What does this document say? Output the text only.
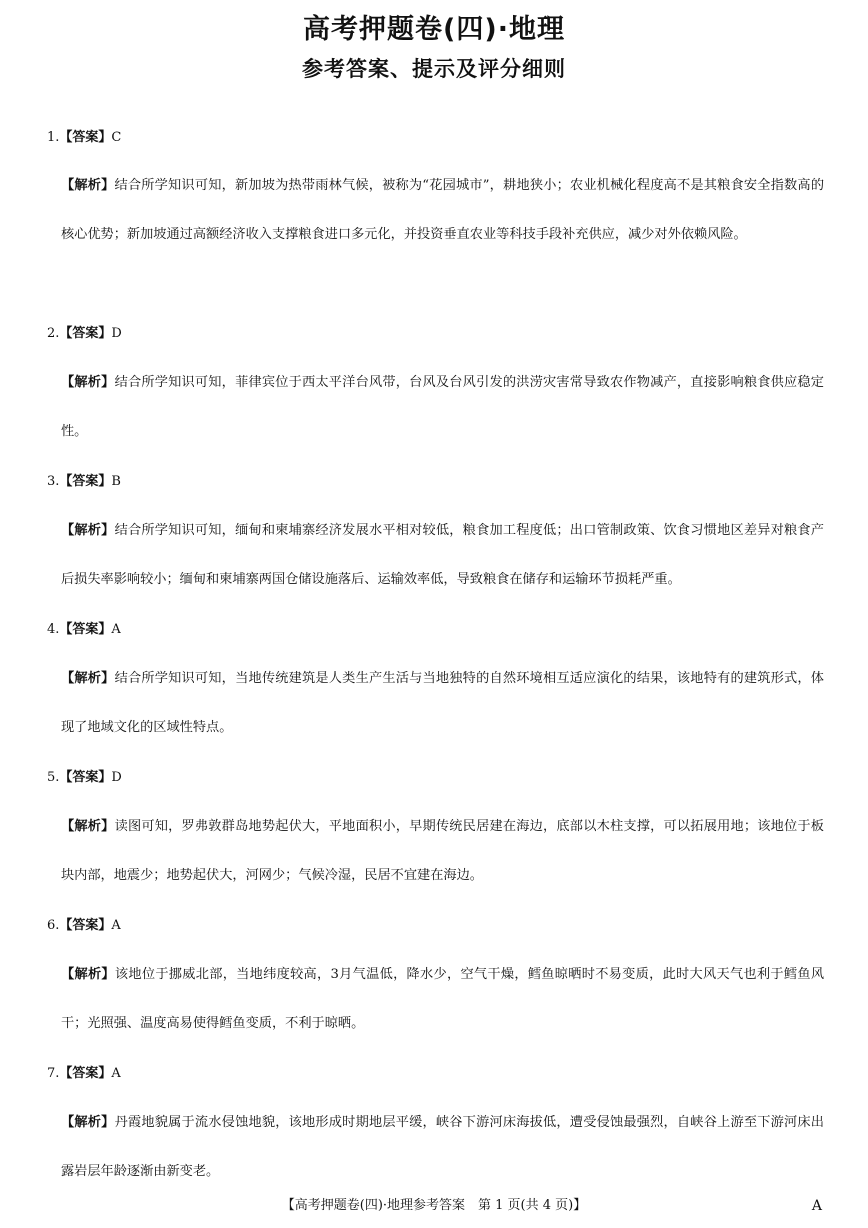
高考押题卷(四)·地理
参考答案、提示及评分细则
1.【答案】C
【解析】结合所学知识可知，新加坡为热带雨林气候，被称为“花园城市”，耕地狭小；农业机械化程度高不是其粮食安全指数高的核心优势；新加坡通过高额经济收入支撑粮食进口多元化，并投资垂直农业等科技手段补充供应，减少对外依赖风险。
2.【答案】D
【解析】结合所学知识可知，菲律宾位于西太平洋台风带，台风及台风引发的洪涝灾害常导致农作物减产，直接影响粮食供应稳定性。
3.【答案】B
【解析】结合所学知识可知，缅甸和柬埔寨经济发展水平相对较低，粮食加工程度低；出口管制政策、饮食习惯地区差异对粮食产后损失率影响较小；缅甸和柬埔寨两国仓储设施落后、运输效率低，导致粮食在储存和运输环节损耗严重。
4.【答案】A
【解析】结合所学知识可知，当地传统建筑是人类生产生活与当地独特的自然环境相互适应演化的结果，该地特有的建筑形式，体现了地域文化的区域性特点。
5.【答案】D
【解析】读图可知，罗弗敦群岛地势起伏大，平地面积小，早期传统民居建在海边，底部以木柱支撑，可以拓展用地；该地位于板块内部，地震少；地势起伏大，河网少；气候冷湿，民居不宜建在海边。
6.【答案】A
【解析】该地位于挪威北部，当地纬度较高，3月气温低，降水少，空气干燥，鳕鱼晾晒时不易变质，此时大风天气也利于鳕鱼风干；光照强、温度高易使得鳕鱼变质，不利于晾晒。
7.【答案】A
【解析】丹霞地貌属于流水侵蚀地貌，该地形成时期地层平缓，峡谷下游河床海拔低，遭受侵蚀最强烈，自峡谷上游至下游河床出露岩层年龄逐渐由新变老。
【高考押题卷(四)·地理参考答案　第 1 页(共 4 页)】	A
